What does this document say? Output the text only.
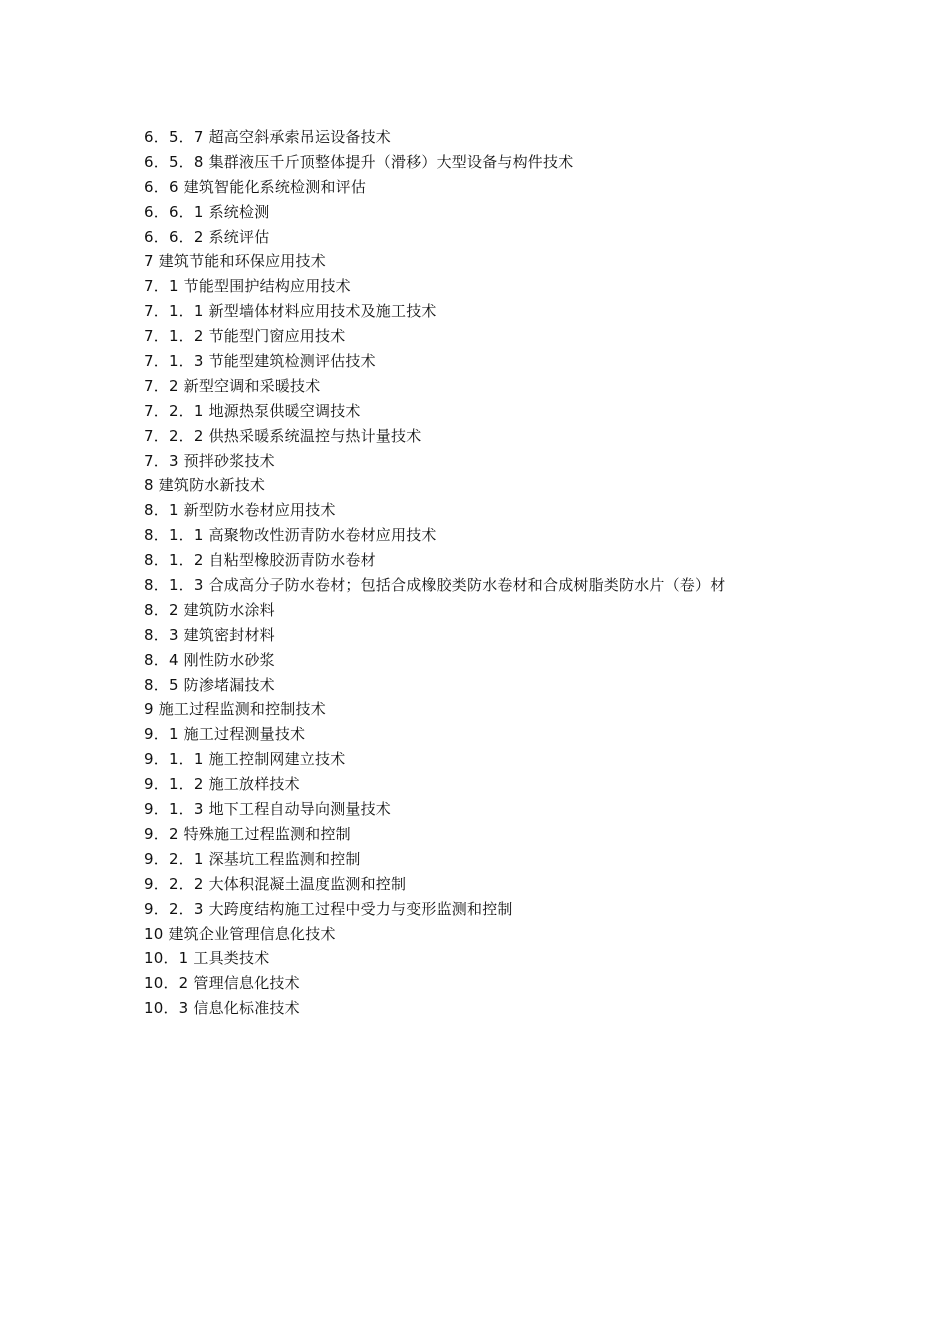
6．5．7 超高空斜承索吊运设备技术
6．5．8 集群液压千斤顶整体提升（滑移）大型设备与构件技术
6．6 建筑智能化系统检测和评估
6．6．1 系统检测
6．6．2 系统评估
7 建筑节能和环保应用技术
7．1 节能型围护结构应用技术
7．1．1 新型墙体材料应用技术及施工技术
7．1．2 节能型门窗应用技术
7．1．3 节能型建筑检测评估技术
7．2 新型空调和采暖技术
7．2．1 地源热泵供暖空调技术
7．2．2 供热采暖系统温控与热计量技术
7．3 预拌砂浆技术
8 建筑防水新技术
8．1 新型防水卷材应用技术
8．1．1 高聚物改性沥青防水卷材应用技术
8．1．2 自粘型橡胶沥青防水卷材
8．1．3 合成高分子防水卷材；包括合成橡胶类防水卷材和合成树脂类防水片（卷）材
8．2 建筑防水涂料
8．3 建筑密封材料
8．4 刚性防水砂浆
8．5 防渗堵漏技术
9 施工过程监测和控制技术
9．1 施工过程测量技术
9．1．1 施工控制网建立技术
9．1．2 施工放样技术
9．1．3 地下工程自动导向测量技术
9．2 特殊施工过程监测和控制
9．2．1 深基坑工程监测和控制
9．2．2 大体积混凝土温度监测和控制
9．2．3 大跨度结构施工过程中受力与变形监测和控制
10 建筑企业管理信息化技术
10．1 工具类技术
10．2 管理信息化技术
10．3 信息化标准技术
